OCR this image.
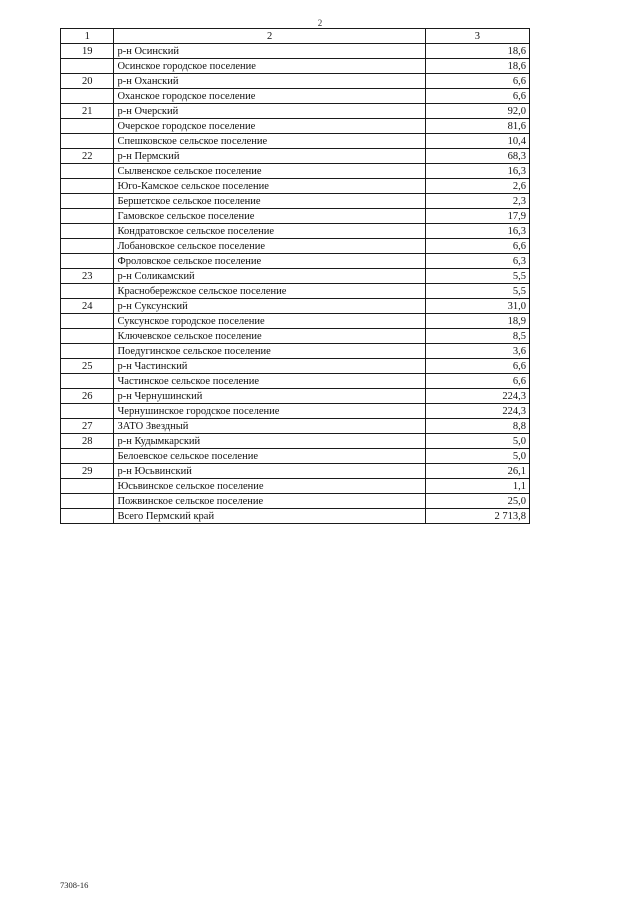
2
1	2	3
19	р-н Осинский	18,6
	Осинское городское поселение	18,6
20	р-н Оханский	6,6
	Оханское городское поселение	6,6
21	р-н Очерский	92,0
	Очерское городское поселение	81,6
	Спешковское сельское поселение	10,4
22	р-н Пермский	68,3
	Сылвенское сельское поселение	16,3
	Юго-Камское сельское поселение	2,6
	Бершетское сельское поселение	2,3
	Гамовское сельское поселение	17,9
	Кондратовское сельское поселение	16,3
	Лобановское сельское поселение	6,6
	Фроловское сельское поселение	6,3
23	р-н Соликамский	5,5
	Краснобережское сельское поселение	5,5
24	р-н Суксунский	31,0
	Суксунское городское поселение	18,9
	Ключевское сельское поселение	8,5
	Поедугинское сельское поселение	3,6
25	р-н Частинский	6,6
	Частинское сельское поселение	6,6
26	р-н Чернушинский	224,3
	Чернушинское городское поселение	224,3
27	ЗАТО Звездный	8,8
28	р-н Кудымкарский	5,0
	Белоевское сельское поселение	5,0
29	р-н Юсьвинский	26,1
	Юсьвинское сельское поселение	1,1
	Пожвинское сельское поселение	25,0
	Всего Пермский край	2 713,8
7308-16
